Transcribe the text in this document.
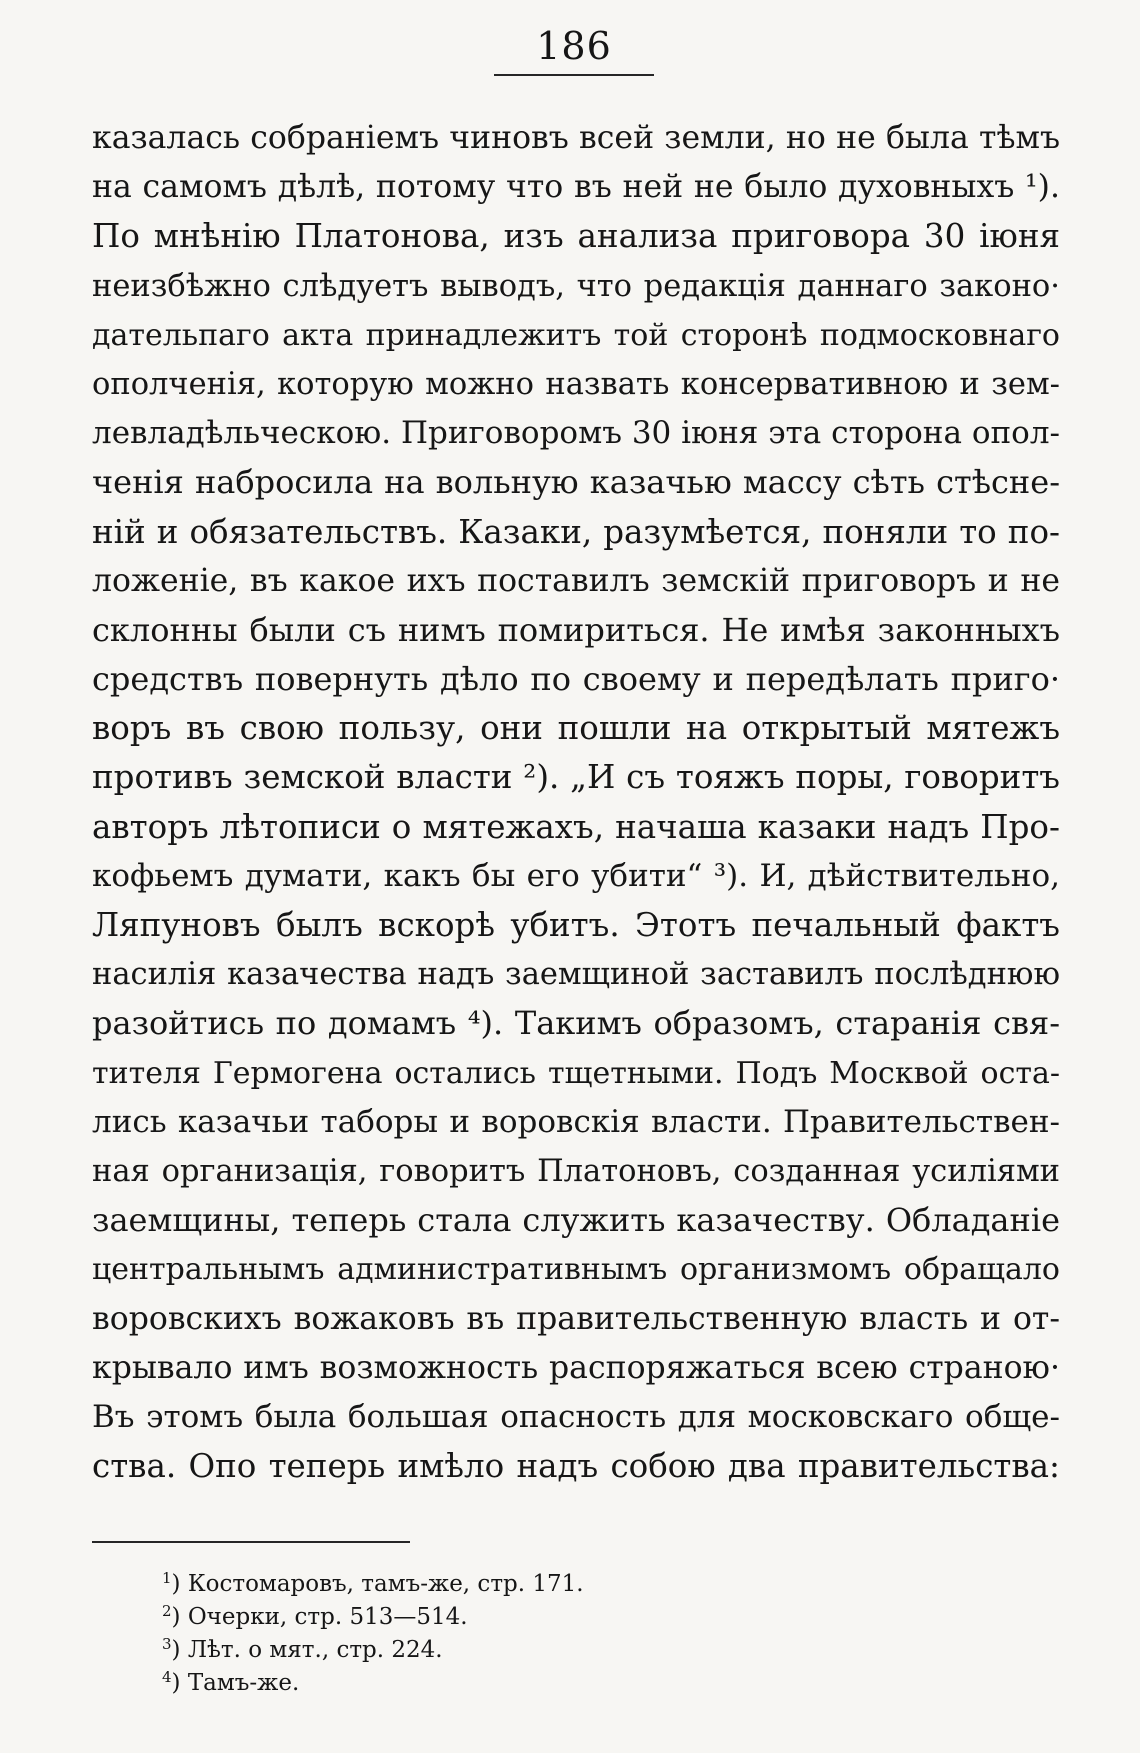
186
казалась собраніемъ чиновъ всей земли, но не была тѣмъ
на самомъ дѣлѣ, потому что въ ней не было духовныхъ ¹).
По мнѣнію Платонова, изъ анализа приговора 30 іюня
неизбѣжно слѣдуетъ выводъ, что редакція даннаго законо·
дательпаго акта принадлежитъ той сторонѣ подмосковнаго
ополченія, которую можно назвать консервативною и зем-
левладѣльческою. Приговоромъ 30 іюня эта сторона опол-
ченія набросила на вольную казачью массу сѣть стѣсне-
ній и обязательствъ. Казаки, разумѣется, поняли то по-
ложеніе, въ какое ихъ поставилъ земскій приговоръ и не
склонны были съ нимъ помириться. Не имѣя законныхъ
средствъ повернуть дѣло по своему и передѣлать приго·
воръ въ свою пользу, они пошли на открытый мятежъ
противъ земской власти ²). „И съ тояжъ поры, говоритъ
авторъ лѣтописи о мятежахъ, начаша казаки надъ Про-
кофьемъ думати, какъ бы его убити“ ³). И, дѣйствительно,
Ляпуновъ былъ вскорѣ убитъ. Этотъ печальный фактъ
насилія казачества надъ заемщиной заставилъ послѣднюю
разойтись по домамъ ⁴). Такимъ образомъ, старанія свя-
тителя Гермогена остались тщетными. Подъ Москвой оста-
лись казачьи таборы и воровскія власти. Правительствен-
ная организація, говоритъ Платоновъ, созданная усиліями
заемщины, теперь стала служить казачеству. Обладаніе
центральнымъ административнымъ организмомъ обращало
воровскихъ вожаковъ въ правительственную власть и от-
крывало имъ возможность распоряжаться всею страною·
Въ этомъ была большая опасность для московскаго обще-
ства. Опо теперь имѣло надъ собою два правительства:
$^1$) Костомаровъ, тамъ-же, стр. 171.
$^2$) Очерки, стр. 513—514.
$^3$) Лѣт. о мят., стр. 224.
$^4$) Тамъ-же.
